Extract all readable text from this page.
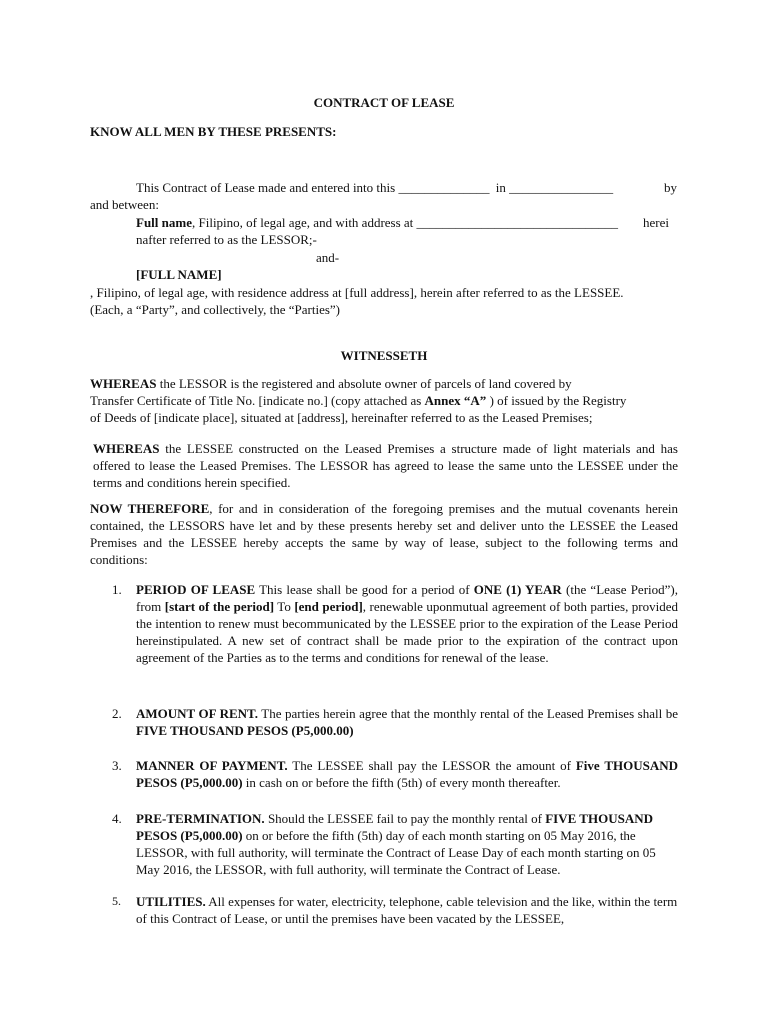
CONTRACT OF LEASE
KNOW ALL MEN BY THESE PRESENTS:
This Contract of Lease made and entered into this ______________ in ________________	by
and between:
Full name, Filipino, of legal age, and with address at _______________________________ herei
nafter referred to as the LESSOR;-
and-
[FULL NAME]
, Filipino, of legal age, with residence address at [full address], herein after referred to as the LESSEE.
(Each, a “Party”, and collectively, the “Parties”)
WITNESSETH
WHEREAS the LESSOR is the registered and absolute owner of parcels of land covered by
Transfer Certificate of Title No. [indicate no.] (copy attached as Annex “A” ) of issued by the Registry
of Deeds of [indicate place], situated at [address], hereinafter referred to as the Leased Premises;
WHEREAS the LESSEE constructed on the Leased Premises a structure made of light materials and has offered to lease the Leased Premises. The LESSOR has agreed to lease the same unto the LESSEE under the terms and conditions herein specified.
NOW THEREFORE, for and in consideration of the foregoing premises and the mutual covenants herein contained, the LESSORS have let and by these presents hereby set and deliver unto the LESSEE the Leased Premises and the LESSEE hereby accepts the same by way of lease, subject to the following terms and conditions:
1. PERIOD OF LEASE This lease shall be good for a period of ONE (1) YEAR (the “Lease Period”), from [start of the period] To [end period], renewable uponmutual agreement of both parties, provided the intention to renew must becommunicated by the LESSEE prior to the expiration of the Lease Period hereinstipulated. A new set of contract shall be made prior to the expiration of the contract upon agreement of the Parties as to the terms and conditions for renewal of the lease.
2. AMOUNT OF RENT. The parties herein agree that the monthly rental of the Leased Premises shall be FIVE THOUSAND PESOS (P5,000.00)
3. MANNER OF PAYMENT. The LESSEE shall pay the LESSOR the amount of Five THOUSAND PESOS (P5,000.00) in cash on or before the fifth (5th) of every month thereafter.
4. PRE-TERMINATION. Should the LESSEE fail to pay the monthly rental of FIVE THOUSAND PESOS (P5,000.00) on or before the fifth (5th) day of each month starting on 05 May 2016, the LESSOR, with full authority, will terminate the Contract of Lease Day of each month starting on 05 May 2016, the LESSOR, with full authority, will terminate the Contract of Lease.
5. UTILITIES. All expenses for water, electricity, telephone, cable television and the like, within the term of this Contract of Lease, or until the premises have been vacated by the LESSEE,
